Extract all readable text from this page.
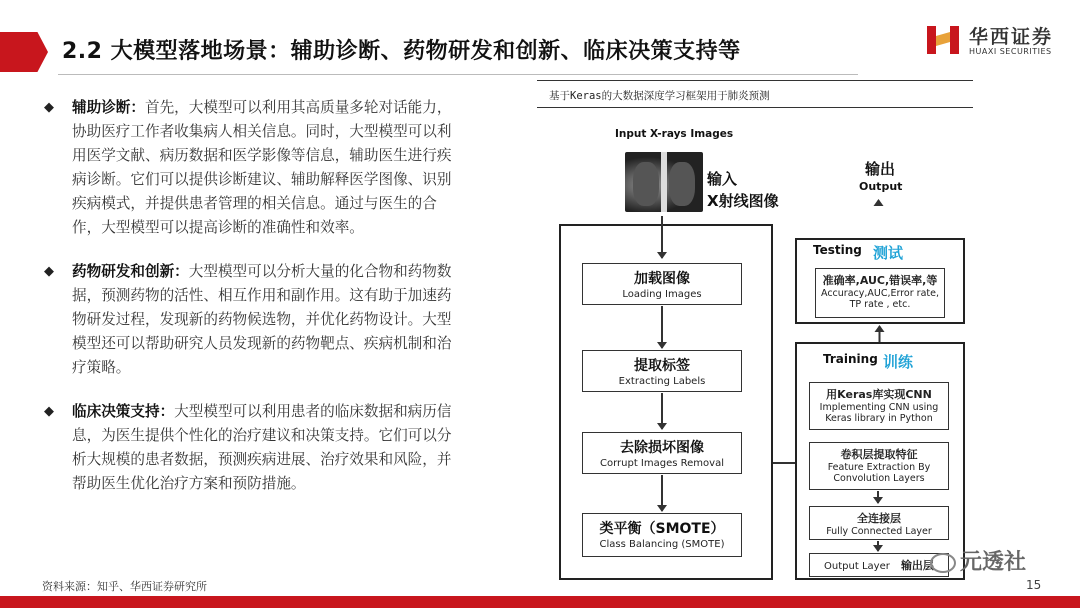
2.2 大模型落地场景：辅助诊断、药物研发和创新、临床决策支持等
华西证券
HUAXI SECURITIES
◆ 辅助诊断：首先，大模型可以利用其高质量多轮对话能力，协助医疗工作者收集病人相关信息。同时，大型模型可以利用医学文献、病历数据和医学影像等信息，辅助医生进行疾病诊断。它们可以提供诊断建议、辅助解释医学图像、识别疾病模式，并提供患者管理的相关信息。通过与医生的合作，大型模型可以提高诊断的准确性和效率。
◆ 药物研发和创新：大型模型可以分析大量的化合物和药物数据，预测药物的活性、相互作用和副作用。这有助于加速药物研发过程，发现新的药物候选物，并优化药物设计。大型模型还可以帮助研究人员发现新的药物靶点、疾病机制和治疗策略。
◆ 临床决策支持：大型模型可以利用患者的临床数据和病历信息，为医生提供个性化的治疗建议和决策支持。它们可以分析大规模的患者数据，预测疾病进展、治疗效果和风险，并帮助医生优化治疗方案和预防措施。
基于Keras的大数据深度学习框架用于肺炎预测
Input X-rays Images
输入
X射线图像
输出
Output
加载图像
Loading Images
提取标签
Extracting Labels
去除损坏图像
Corrupt Images Removal
类平衡（SMOTE）
Class Balancing (SMOTE)
Testing 测试
准确率,AUC,错误率,等
Accuracy,AUC,Error rate,
TP rate , etc.
Training 训练
用Keras库实现CNN
Implementing CNN using
Keras library in Python
卷积层提取特征
Feature Extraction By
Convolution Layers
全连接层
Fully Connected Layer
Output Layer 输出层	元透社
资料来源：知乎、华西证券研究所	15
